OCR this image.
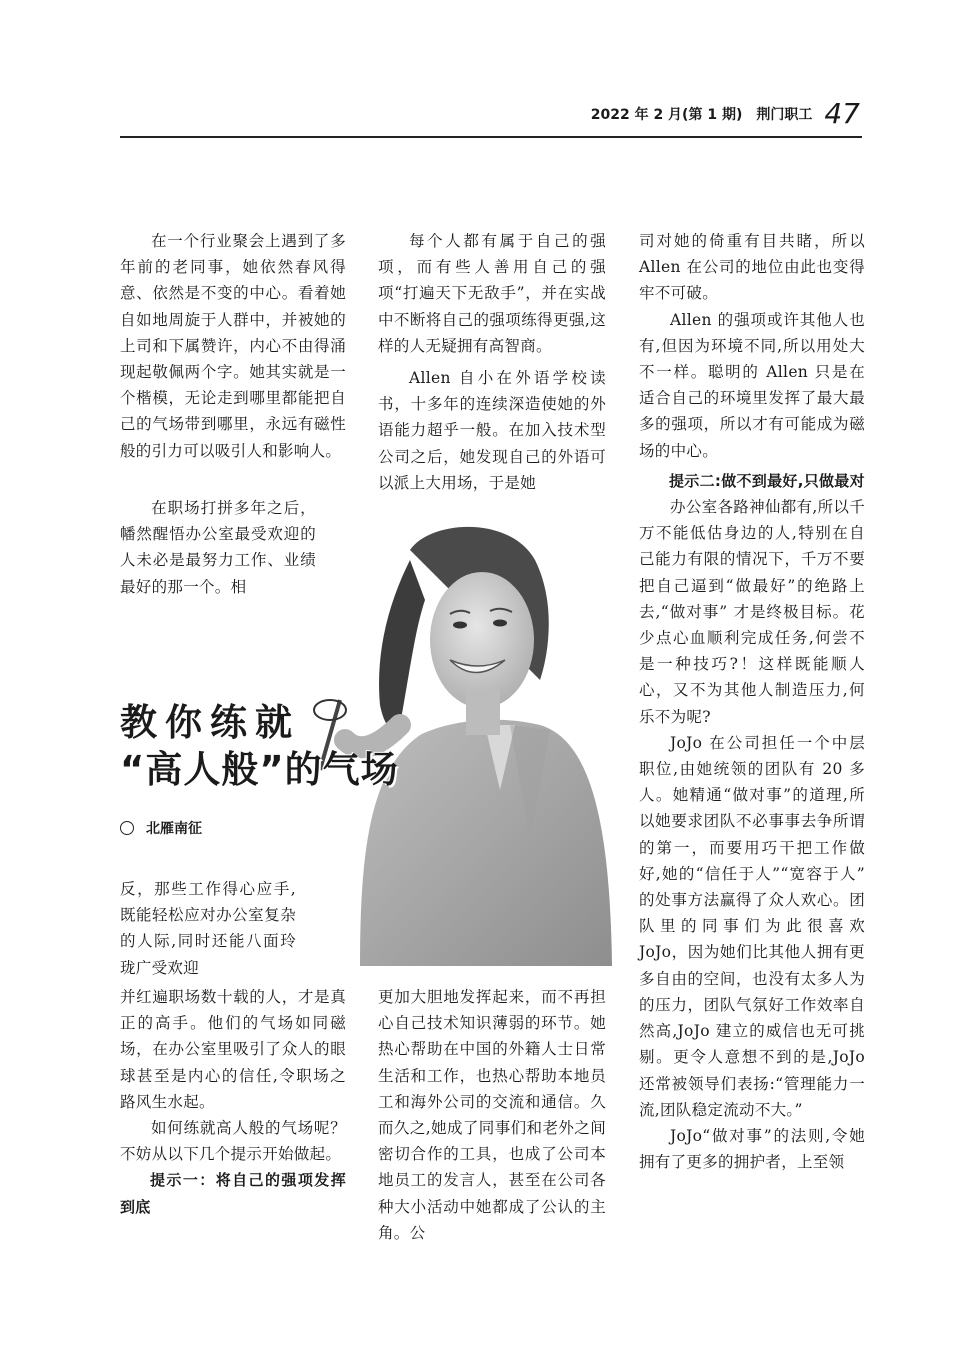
2022 年 2 月(第 1 期) 荆门职工 47

在一个行业聚会上遇到了多年前的老同事，她依然春风得意、依然是不变的中心。看着她自如地周旋于人群中，并被她的上司和下属赞许，内心不由得涌现起敬佩两个字。她其实就是一个楷模，无论走到哪里都能把自己的气场带到哪里，永远有磁性般的引力可以吸引人和影响人。

在职场打拼多年之后，幡然醒悟办公室最受欢迎的人未必是最努力工作、业绩最好的那一个。相

教你练就
“高人般”的气场
北雁南征

反，那些工作得心应手,既能轻松应对办公室复杂的人际,同时还能八面玲珑广受欢迎

并红遍职场数十载的人，才是真正的高手。他们的气场如同磁场，在办公室里吸引了众人的眼球甚至是内心的信任,令职场之路风生水起。

如何练就高人般的气场呢？不妨从以下几个提示开始做起。

提示一：将自己的强项发挥到底

每个人都有属于自己的强项，而有些人善用自己的强项“打遍天下无敌手”，并在实战中不断将自己的强项练得更强,这样的人无疑拥有高智商。

Allen 自小在外语学校读书，十多年的连续深造使她的外语能力超乎一般。在加入技术型公司之后，她发现自己的外语可以派上大用场，于是她

更加大胆地发挥起来，而不再担心自己技术知识薄弱的环节。她热心帮助在中国的外籍人士日常生活和工作，也热心帮助本地员工和海外公司的交流和通信。久而久之,她成了同事们和老外之间密切合作的工具，也成了公司本地员工的发言人，甚至在公司各种大小活动中她都成了公认的主角。公

司对她的倚重有目共睹，所以 Allen 在公司的地位由此也变得牢不可破。

Allen 的强项或许其他人也有,但因为环境不同,所以用处大不一样。聪明的 Allen 只是在适合自己的环境里发挥了最大最多的强项，所以才有可能成为磁场的中心。

提示二:做不到最好,只做最对

办公室各路神仙都有,所以千万不能低估身边的人,特别在自己能力有限的情况下，千万不要把自己逼到“做最好”的绝路上去,“做对事” 才是终极目标。花少点心血顺利完成任务,何尝不是一种技巧?！这样既能顺人心，又不为其他人制造压力,何乐不为呢?

JoJo 在公司担任一个中层职位,由她统领的团队有 20 多人。她精通“做对事”的道理,所以她要求团队不必事事去争所谓的第一，而要用巧干把工作做好,她的“信任于人”“宽容于人” 的处事方法赢得了众人欢心。团队里的同事们为此很喜欢 JoJo，因为她们比其他人拥有更多自由的空间，也没有太多人为的压力，团队气氛好工作效率自然高,JoJo 建立的威信也无可挑剔。更令人意想不到的是,JoJo 还常被领导们表扬:“管理能力一流,团队稳定流动不大。”

JoJo“做对事”的法则,令她拥有了更多的拥护者，上至领
